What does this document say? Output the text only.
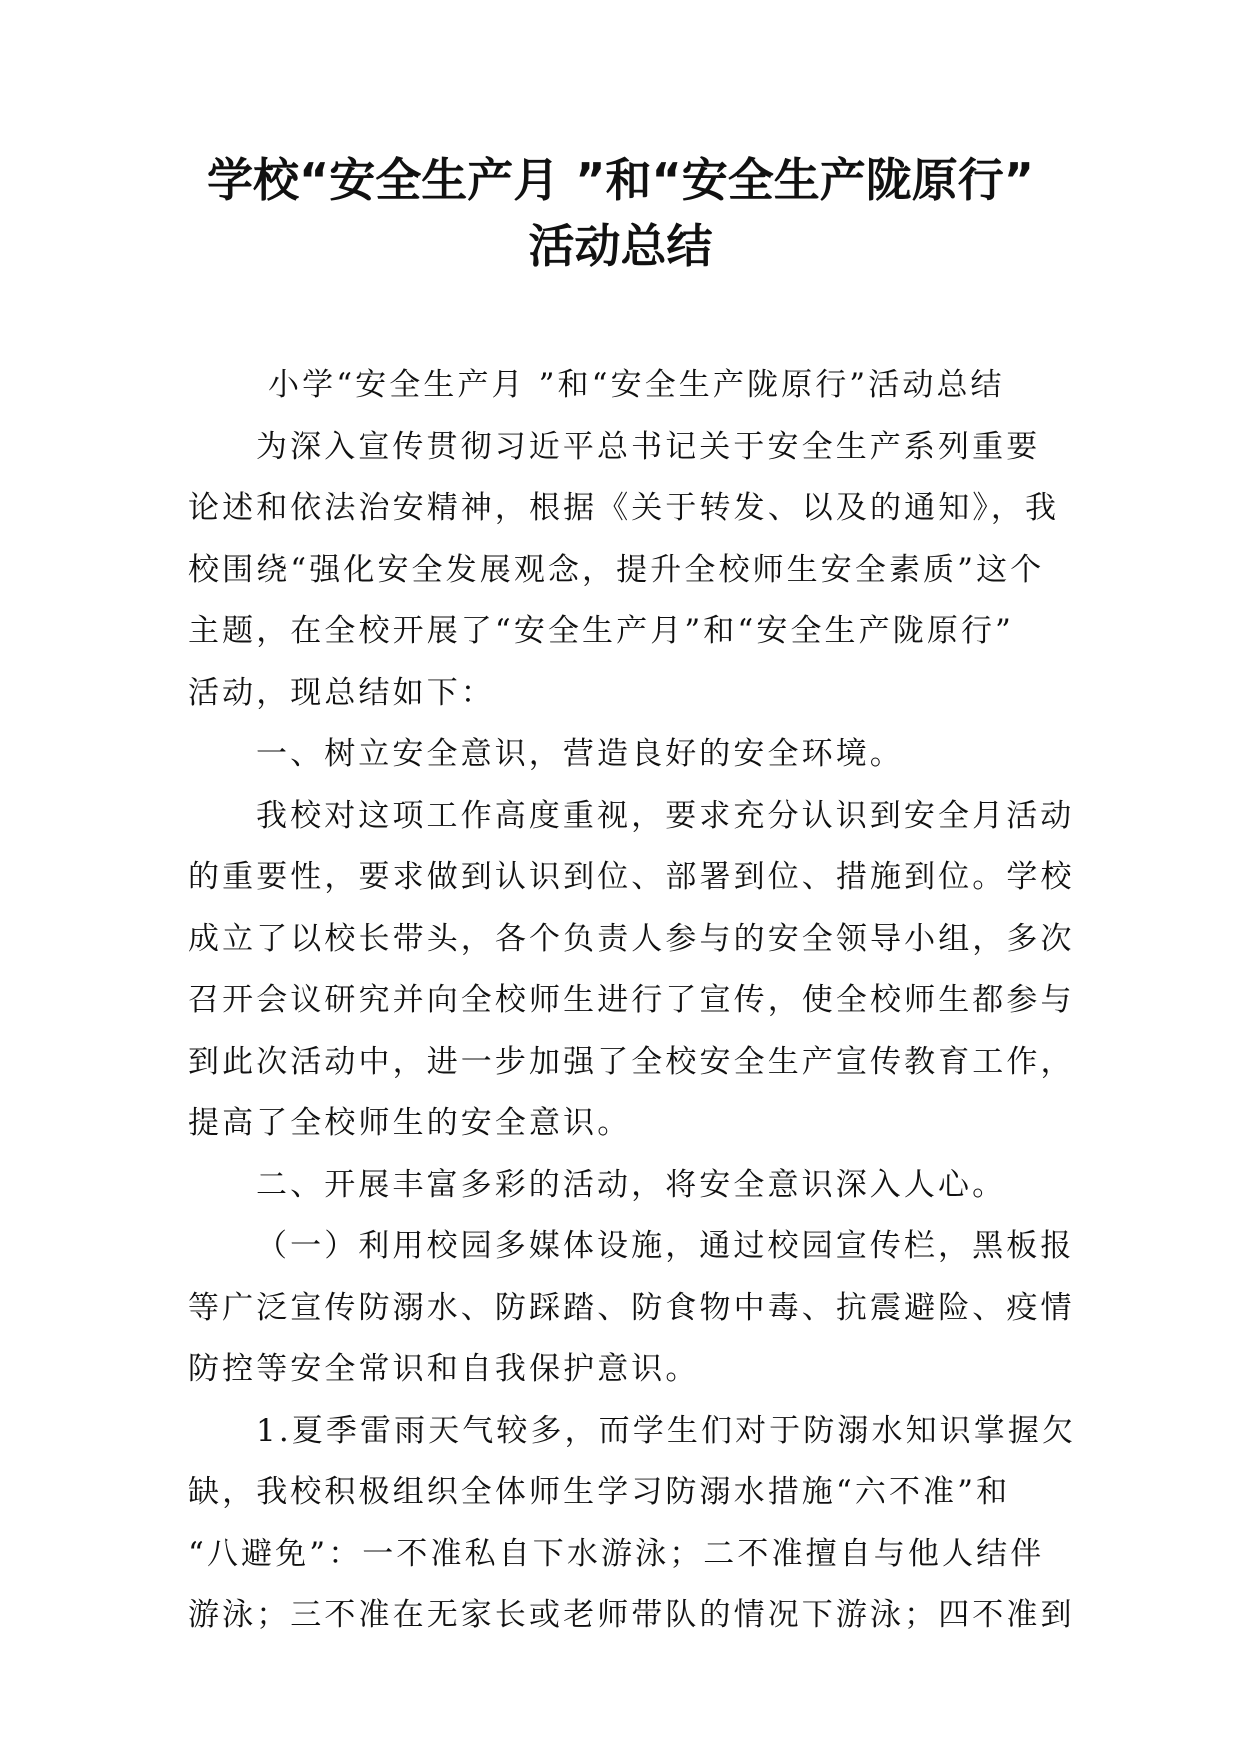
学校“安全生产月 ”和“安全生产陇原行”
活动总结
小学“安全生产月 ”和“安全生产陇原行”活动总结
为深入宣传贯彻习近平总书记关于安全生产系列重要
论述和依法治安精神，根据《关于转发、以及的通知》，我
校围绕“强化安全发展观念，提升全校师生安全素质”这个
主题，在全校开展了“安全生产月”和“安全生产陇原行”
活动，现总结如下：
一、树立安全意识，营造良好的安全环境。
我校对这项工作高度重视，要求充分认识到安全月活动
的重要性，要求做到认识到位、部署到位、措施到位。学校
成立了以校长带头，各个负责人参与的安全领导小组，多次
召开会议研究并向全校师生进行了宣传，使全校师生都参与
到此次活动中，进一步加强了全校安全生产宣传教育工作，
提高了全校师生的安全意识。
二、开展丰富多彩的活动，将安全意识深入人心。
（一）利用校园多媒体设施，通过校园宣传栏，黑板报
等广泛宣传防溺水、防踩踏、防食物中毒、抗震避险、疫情
防控等安全常识和自我保护意识。
1.夏季雷雨天气较多，而学生们对于防溺水知识掌握欠
缺，我校积极组织全体师生学习防溺水措施“六不准”和
“八避免”：一不准私自下水游泳；二不准擅自与他人结伴
游泳；三不准在无家长或老师带队的情况下游泳；四不准到
